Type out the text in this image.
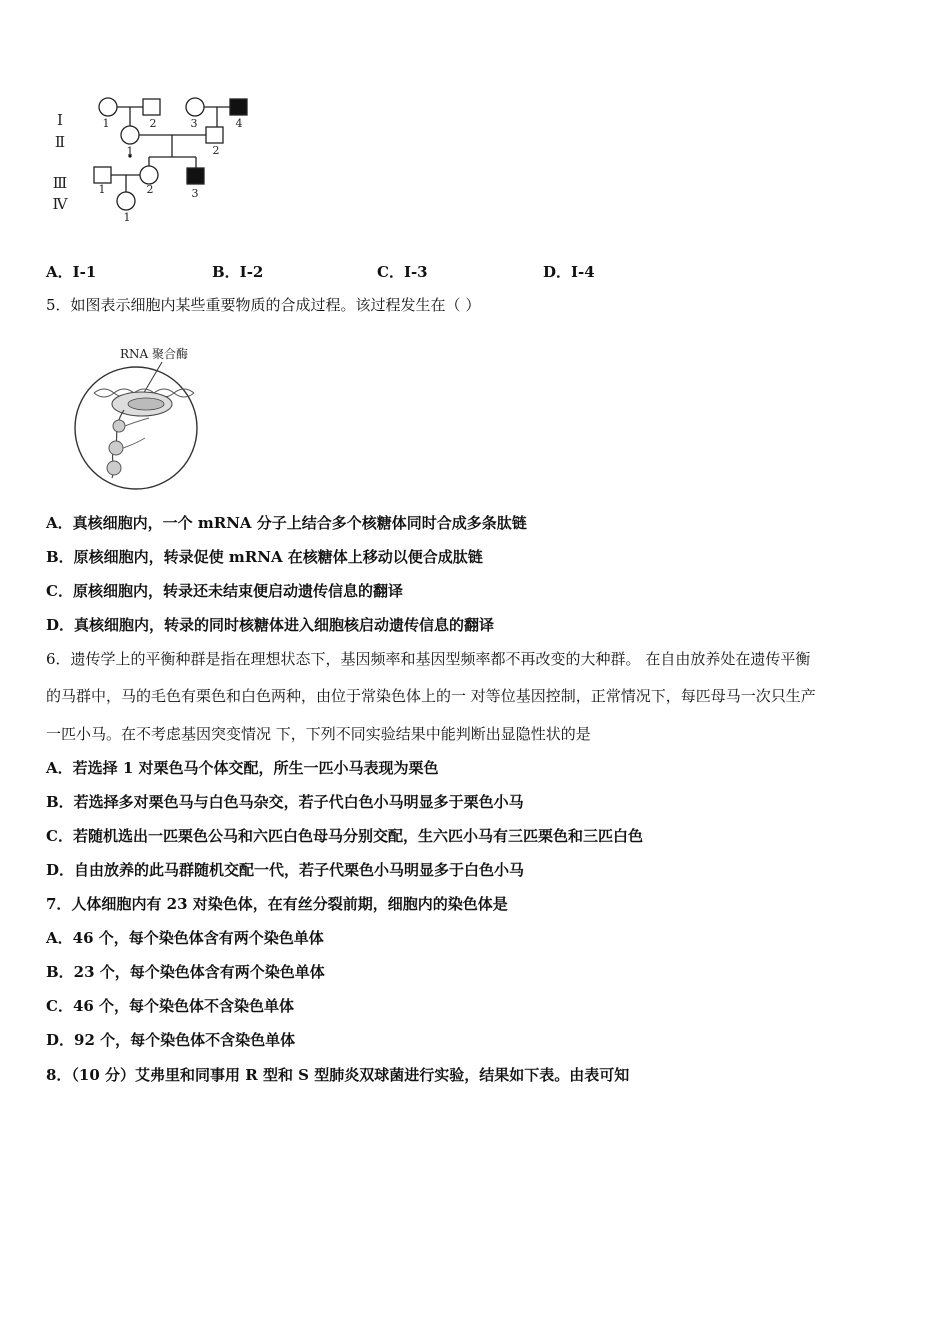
Ⅰ
Ⅱ
Ⅲ
Ⅳ
1	2	3	4
1	2
1	2	3
1
A．Ⅰ-1	B．Ⅰ-2	C．Ⅰ-3	D．Ⅰ-4
5．如图表示细胞内某些重要物质的合成过程。该过程发生在（ ）
RNA 聚合酶
A．真核细胞内，一个 mRNA 分子上结合多个核糖体同时合成多条肽链
B．原核细胞内，转录促使 mRNA 在核糖体上移动以便合成肽链
C．原核细胞内，转录还未结束便启动遗传信息的翻译
D．真核细胞内，转录的同时核糖体进入细胞核启动遗传信息的翻译
6．遗传学上的平衡种群是指在理想状态下，基因频率和基因型频率都不再改变的大种群。 在自由放养处在遗传平衡
的马群中，马的毛色有栗色和白色两种，由位于常染色体上的一 对等位基因控制，正常情况下，每匹母马一次只生产
一匹小马。在不考虑基因突变情况 下，下列不同实验结果中能判断出显隐性状的是
A．若选择 1 对栗色马个体交配，所生一匹小马表现为栗色
B．若选择多对栗色马与白色马杂交，若子代白色小马明显多于栗色小马
C．若随机选出一匹栗色公马和六匹白色母马分别交配，生六匹小马有三匹栗色和三匹白色
D．自由放养的此马群随机交配一代，若子代栗色小马明显多于白色小马
7．人体细胞内有 23 对染色体，在有丝分裂前期，细胞内的染色体是
A．46 个，每个染色体含有两个染色单体
B．23 个，每个染色体含有两个染色单体
C．46 个，每个染色体不含染色单体
D．92 个，每个染色体不含染色单体
8．（10 分）艾弗里和同事用 R 型和 S 型肺炎双球菌进行实验，结果如下表。由表可知
